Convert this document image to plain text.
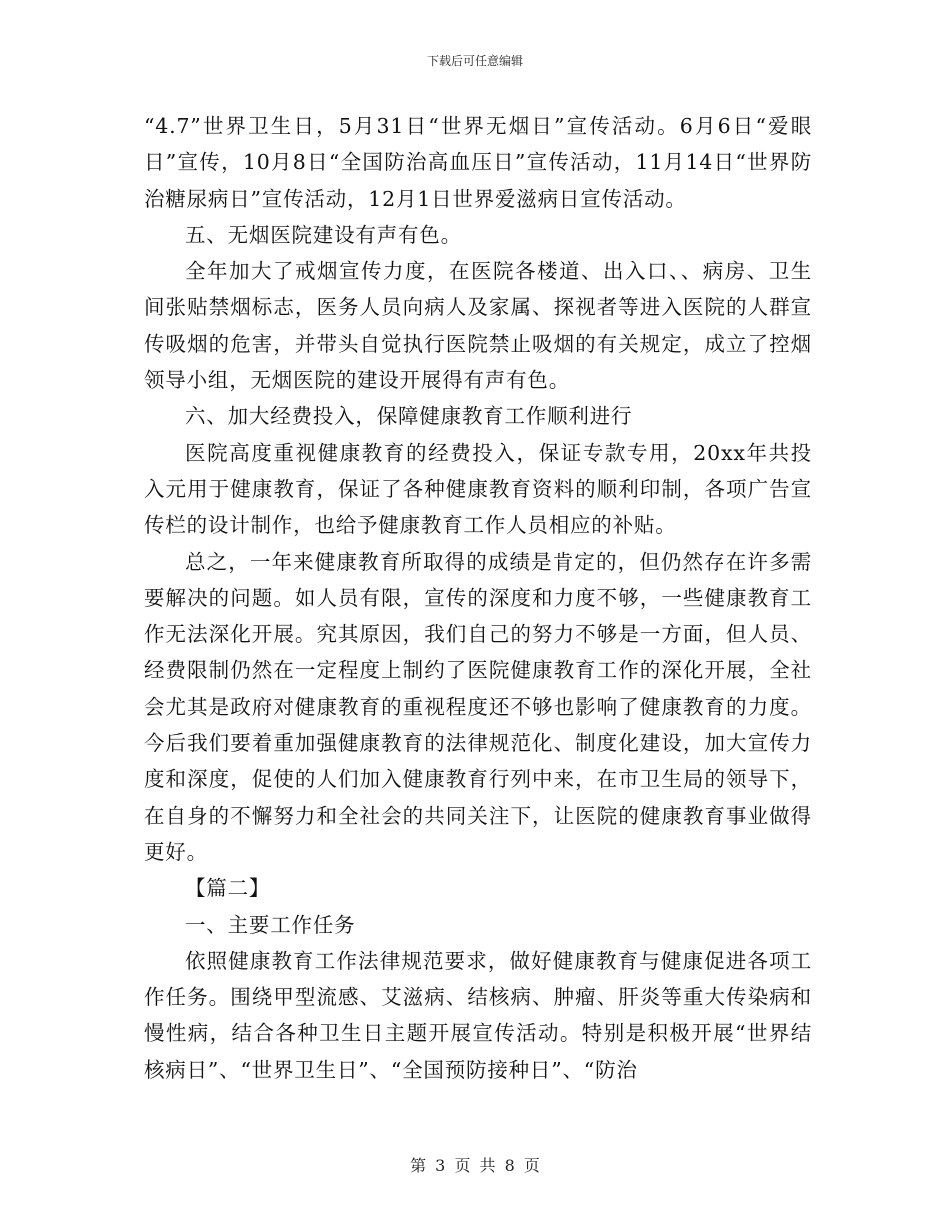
下载后可任意编辑

“4.7”世界卫生日，5月31日“世界无烟日”宣传活动。6月6日“爱眼日”宣传，10月8日“全国防治高血压日”宣传活动，11月14日“世界防治糖尿病日”宣传活动，12月1日世界爱滋病日宣传活动。

五、无烟医院建设有声有色。

全年加大了戒烟宣传力度，在医院各楼道、出入口、、病房、卫生间张贴禁烟标志，医务人员向病人及家属、探视者等进入医院的人群宣传吸烟的危害，并带头自觉执行医院禁止吸烟的有关规定，成立了控烟领导小组，无烟医院的建设开展得有声有色。

六、加大经费投入，保障健康教育工作顺利进行

医院高度重视健康教育的经费投入，保证专款专用，20xx年共投入元用于健康教育，保证了各种健康教育资料的顺利印制，各项广告宣传栏的设计制作，也给予健康教育工作人员相应的补贴。

总之，一年来健康教育所取得的成绩是肯定的，但仍然存在许多需要解决的问题。如人员有限，宣传的深度和力度不够，一些健康教育工作无法深化开展。究其原因，我们自己的努力不够是一方面，但人员、经费限制仍然在一定程度上制约了医院健康教育工作的深化开展，全社会尤其是政府对健康教育的重视程度还不够也影响了健康教育的力度。今后我们要着重加强健康教育的法律规范化、制度化建设，加大宣传力度和深度，促使的人们加入健康教育行列中来，在市卫生局的领导下，在自身的不懈努力和全社会的共同关注下，让医院的健康教育事业做得更好。

【篇二】

一、主要工作任务

依照健康教育工作法律规范要求，做好健康教育与健康促进各项工作任务。围绕甲型流感、艾滋病、结核病、肿瘤、肝炎等重大传染病和慢性病，结合各种卫生日主题开展宣传活动。特别是积极开展“世界结核病日”、“世界卫生日”、“全国预防接种日”、“防治

第 3 页 共 8 页
